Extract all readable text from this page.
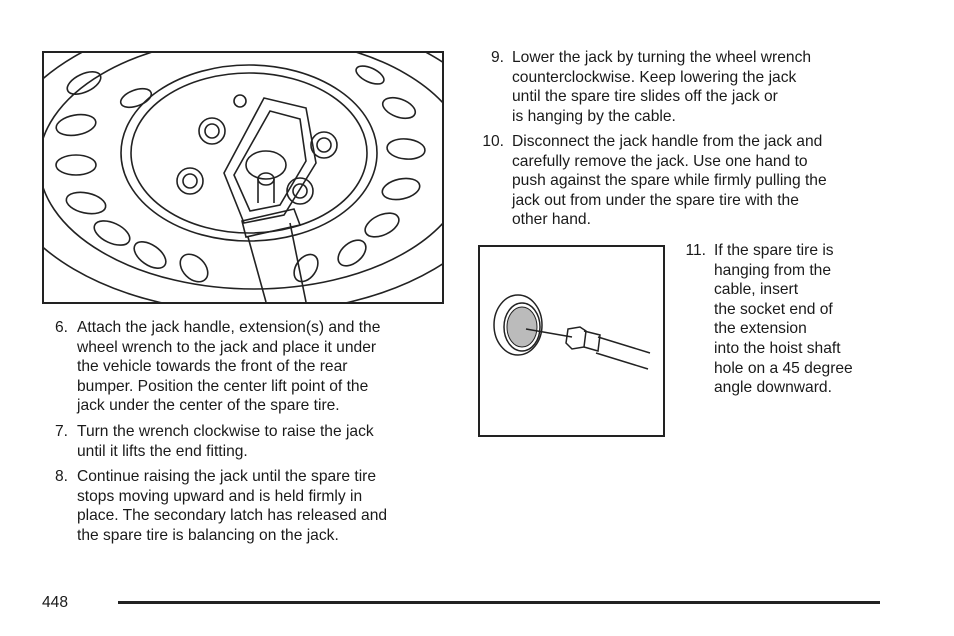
6. Attach the jack handle, extension(s) and the
wheel wrench to the jack and place it under
the vehicle towards the front of the rear
bumper. Position the center lift point of the
jack under the center of the spare tire.
7. Turn the wrench clockwise to raise the jack
until it lifts the end fitting.
8. Continue raising the jack until the spare tire
stops moving upward and is held firmly in
place. The secondary latch has released and
the spare tire is balancing on the jack.
9. Lower the jack by turning the wheel wrench
counterclockwise. Keep lowering the jack
until the spare tire slides off the jack or
is hanging by the cable.
10. Disconnect the jack handle from the jack and
carefully remove the jack. Use one hand to
push against the spare while firmly pulling the
jack out from under the spare tire with the
other hand.
11. If the spare tire is
hanging from the
cable, insert
the socket end of
the extension
into the hoist shaft
hole on a 45 degree
angle downward.
448
